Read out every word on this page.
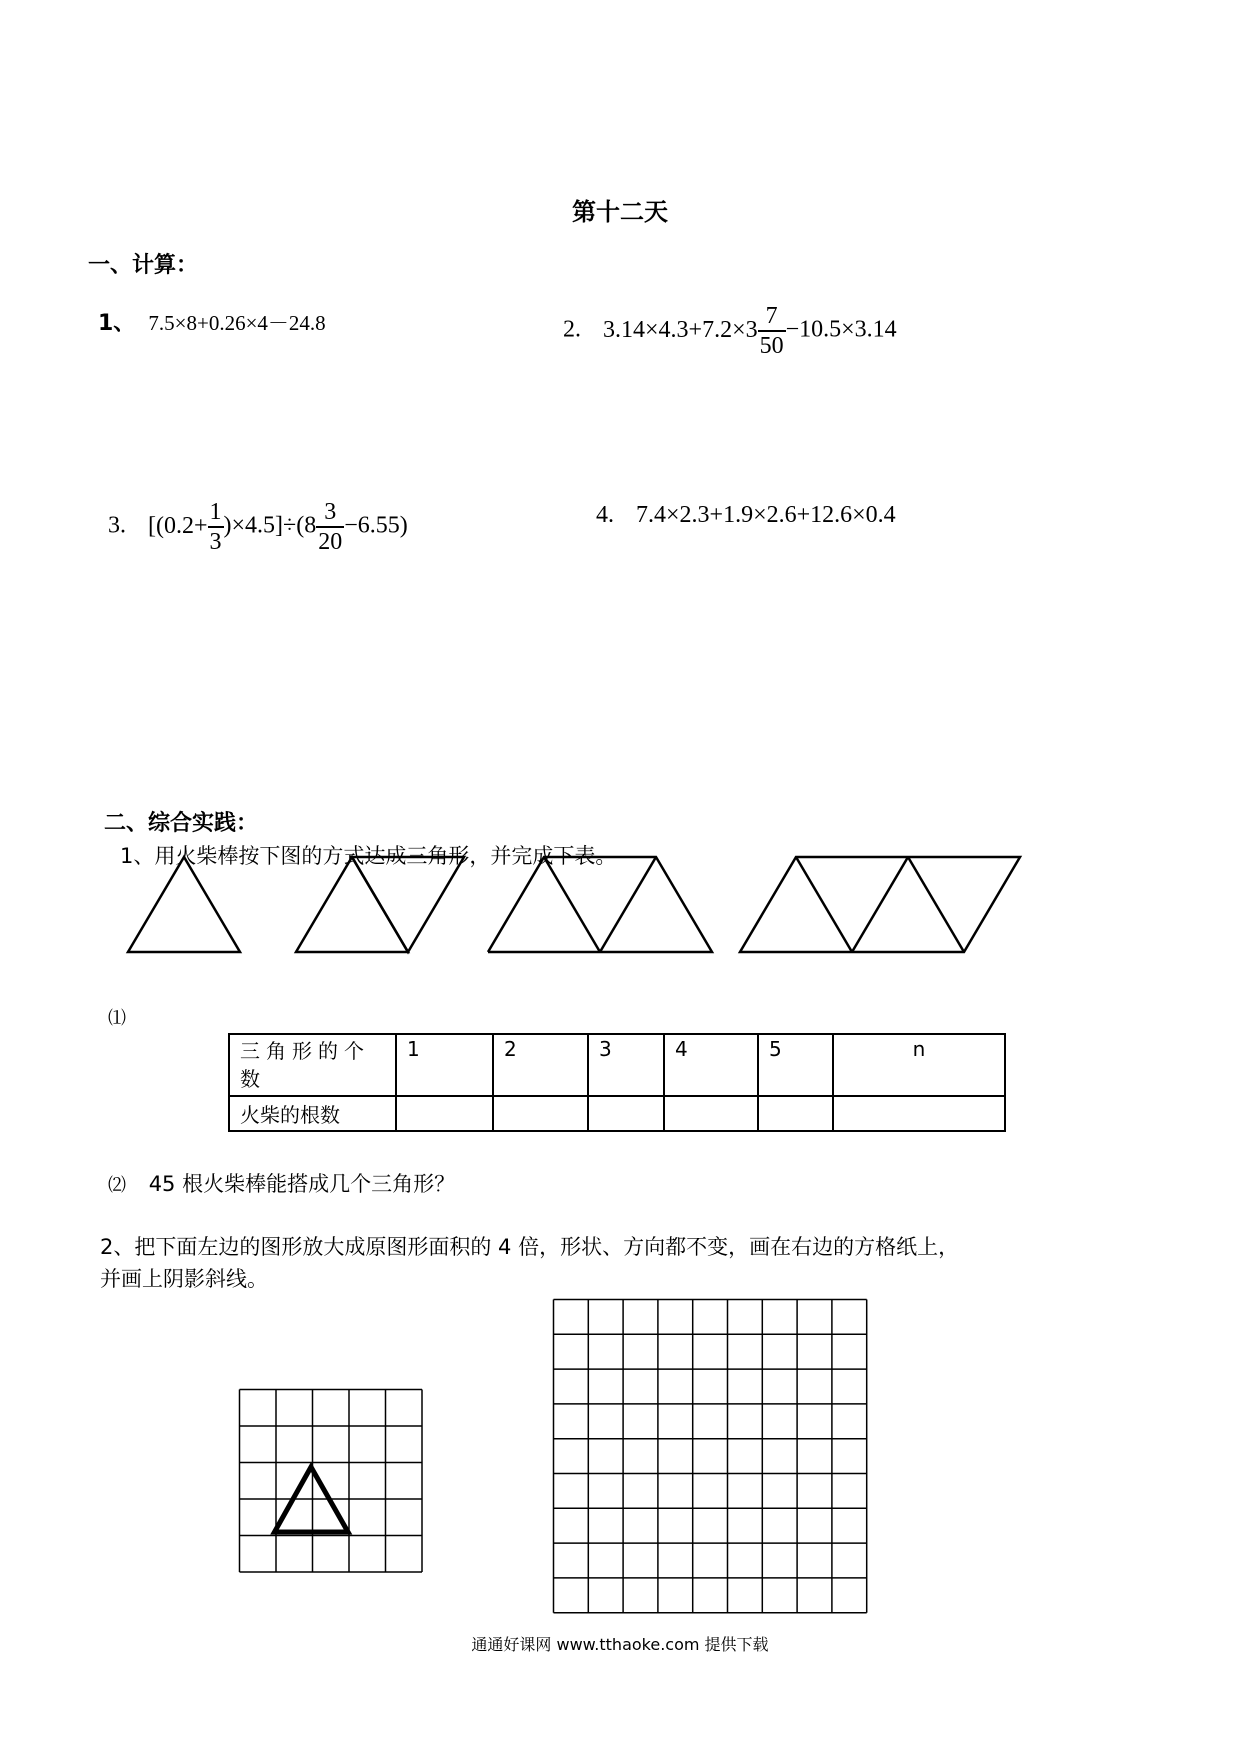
第十二天
一、计算：
1、 7.5×8+0.26×4－24.8	2. $3.14\times 4.3+7.2\times 3 \frac{7}{50} -10.5\times 3.14$
3. $[(0.2+ \frac{1}{3} )\times 4.5]\div(8 \frac{3}{20} -6.55)$	4. 7.4×2.3+1.9×2.6+12.6×0.4
二、综合实践：
1、用火柴棒按下图的方式达成三角形，并完成下表。
⑴
三角形的个数	1	2	3	4	5	n
火柴的根数						
⑵ 45 根火柴棒能搭成几个三角形？
2、把下面左边的图形放大成原图形面积的 4 倍，形状、方向都不变，画在右边的方格纸上，
并画上阴影斜线。
通通好课网 www.tthaoke.com 提供下载
